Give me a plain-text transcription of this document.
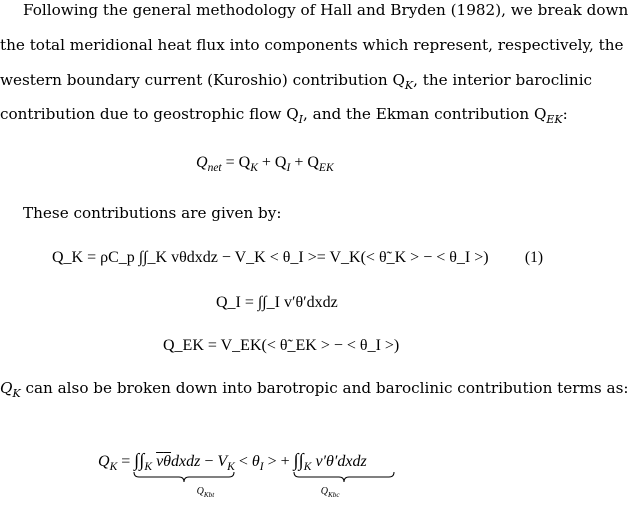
Following the general methodology of Hall and Bryden (1982), we break down
the total meridional heat flux into components which represent, respectively, the
western boundary current (Kuroshio) contribution $Q_K$, the interior baroclinic
contribution due to geostrophic flow $Q_I$, and the Ekman contribution $Q_{EK}$:
$Q_{net} = Q_K + Q_I + Q_{EK}$
These contributions are given by:
Q_K = ρC_p ∫∫_K vθdxdz − V_K < θ_I >= V_K(< θ̃_K > − < θ_I >) (1)
Q_I = ∫∫_I v′θ′dxdz
Q_EK = V_EK(< θ̃_EK > − < θ_I >)
$Q_K$ can also be broken down into barotropic and baroclinic contribution terms as:
$Q_K = \int\int_K$ $\overline{v}\overline{\theta}dxdz - V_K < \theta_I$ >
$Q_{Kbt}$
+ $\int\int_K$ v′θ′dxdz
$Q_{Kbc}$
